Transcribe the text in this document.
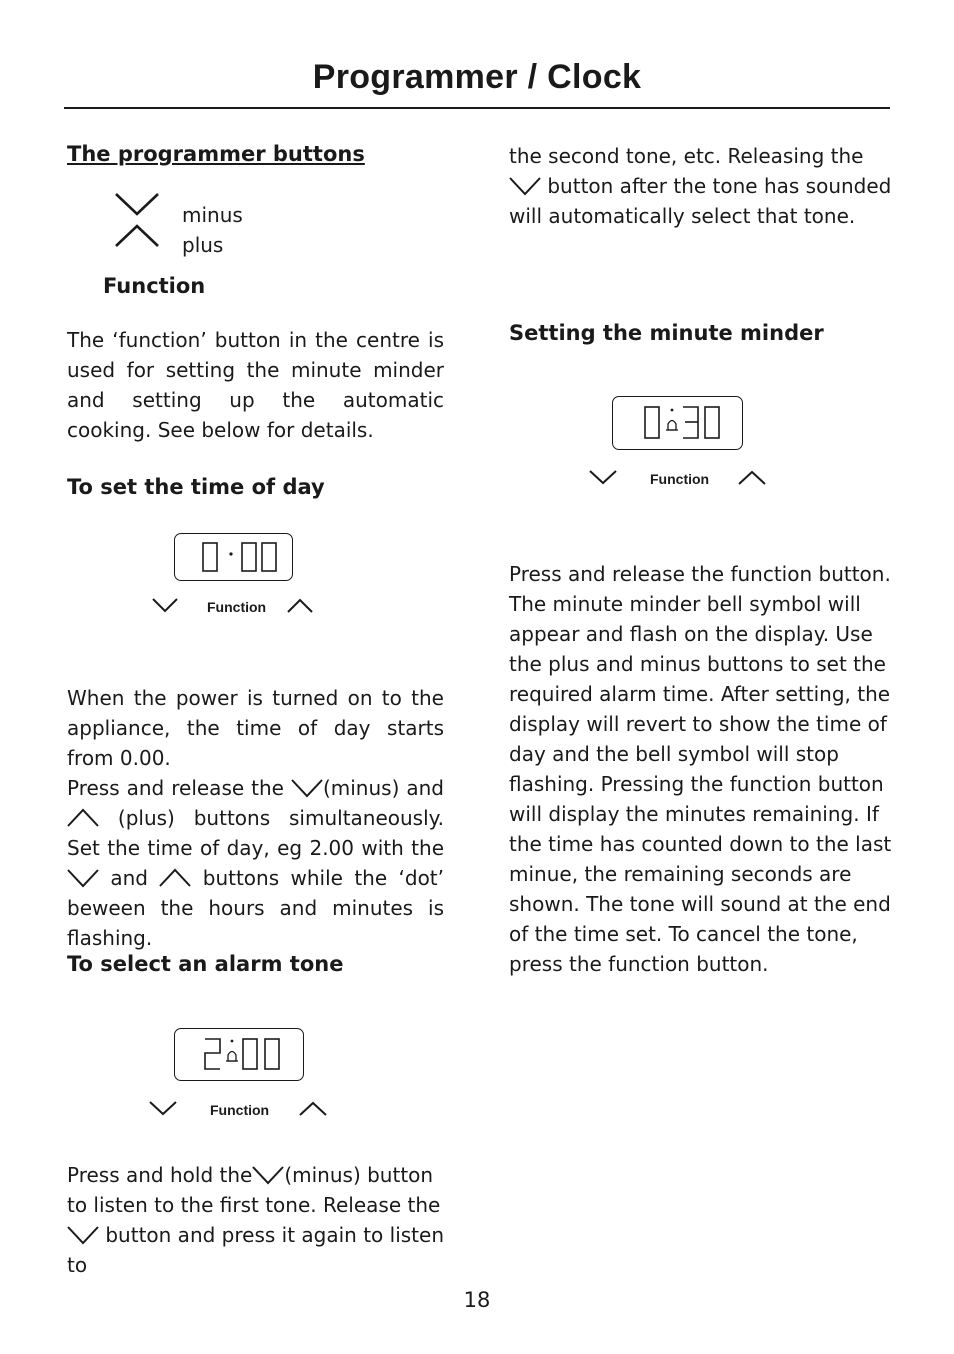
Programmer / Clock
The programmer buttons
minus
plus
Function
The ‘function’ button in the centre is used for setting the minute minder and setting up the automatic cooking. See below for details.
To set the time of day
Function
When the power is turned on to the appliance, the time of day starts from 0.00.
Press and release the (minus) and  (plus) buttons simultaneously. Set the time of day, eg 2.00 with the  and  buttons while the ‘dot’ beween the hours and minutes is flashing.
To select an alarm tone
Function
Press and hold the (minus) button to listen to the first tone. Release the button and press it again to listen to
the second tone, etc. Releasing the
button after the tone has sounded will automatically select that tone.
Setting the minute minder
Function
Press and release the function button. The minute minder bell symbol will appear and flash on the display. Use the plus and minus buttons to set the required alarm time. After setting, the display will revert to show the time of day and the bell symbol will stop flashing. Pressing the function button will display the minutes remaining. If the time has counted down to the last minue, the remaining seconds are shown. The tone will sound at the end of the time set. To cancel the tone, press the function button.
18
